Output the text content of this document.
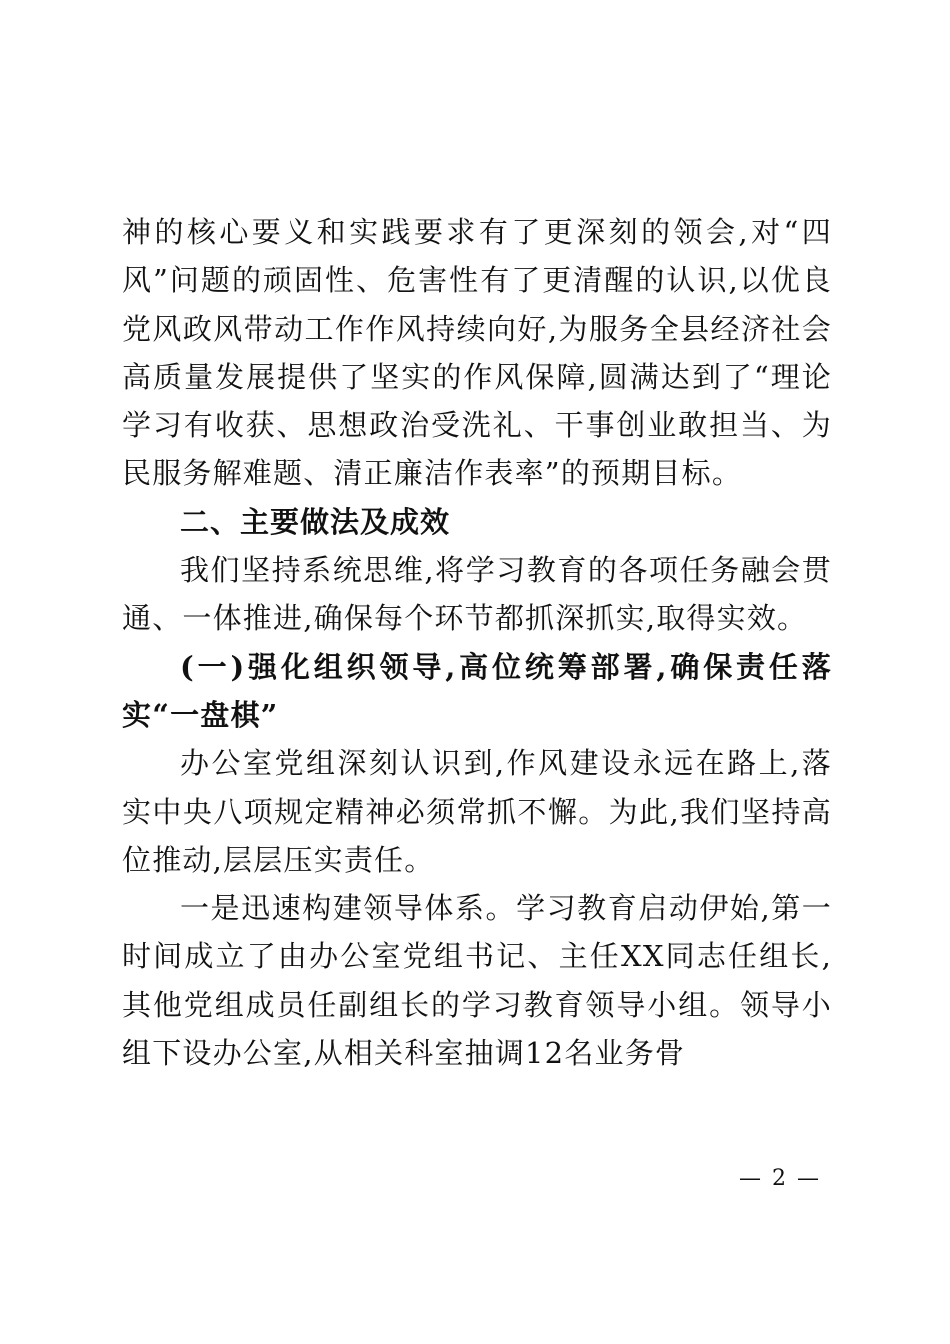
神的核心要义和实践要求有了更深刻的领会,对“四风”问题的顽固性、危害性有了更清醒的认识,以优良党风政风带动工作作风持续向好,为服务全县经济社会高质量发展提供了坚实的作风保障,圆满达到了“理论学习有收获、思想政治受洗礼、干事创业敢担当、为民服务解难题、清正廉洁作表率”的预期目标。

二、主要做法及成效

我们坚持系统思维,将学习教育的各项任务融会贯通、一体推进,确保每个环节都抓深抓实,取得实效。

(一)强化组织领导,高位统筹部署,确保责任落实“一盘棋”

办公室党组深刻认识到,作风建设永远在路上,落实中央八项规定精神必须常抓不懈。为此,我们坚持高位推动,层层压实责任。

一是迅速构建领导体系。学习教育启动伊始,第一时间成立了由办公室党组书记、主任XX同志任组长,其他党组成员任副组长的学习教育领导小组。领导小组下设办公室,从相关科室抽调12名业务骨

— 2 —
